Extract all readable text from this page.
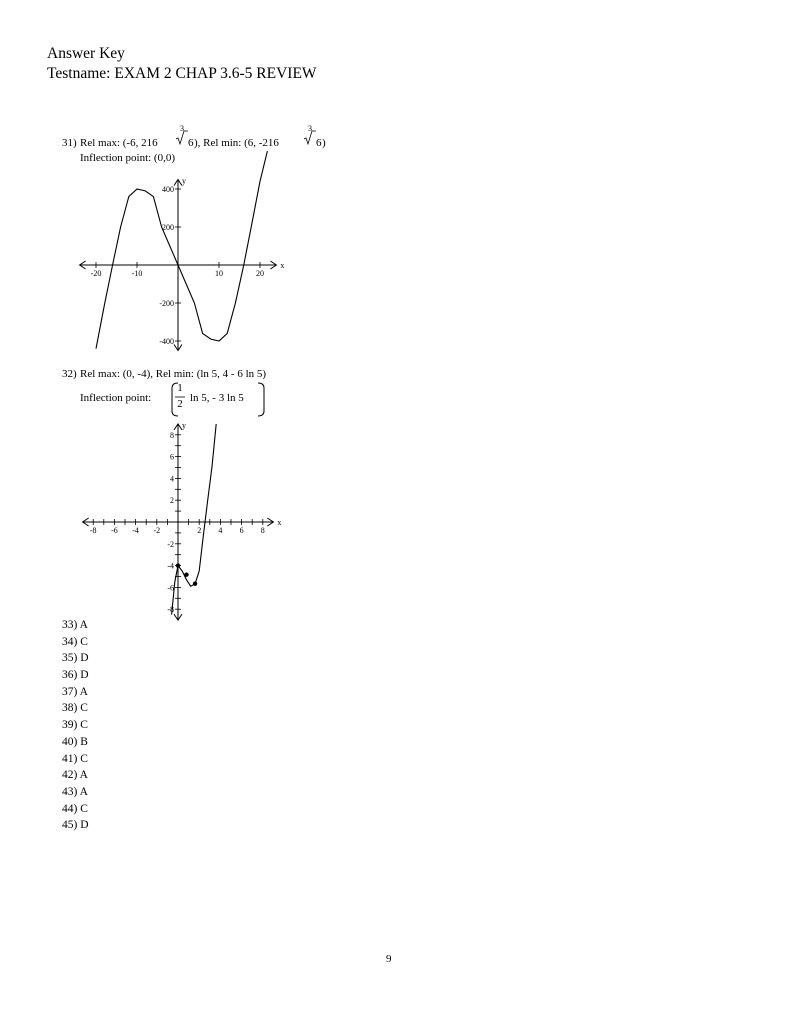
Answer Key
Testname: EXAM 2 CHAP 3.6-5 REVIEW
31) Rel max: (-6, 216
3
6 ), Rel min: (6, -216
3
6 )
Inflection point: (0,0)
-20	-10	10	20
400
200
-200
-400
x
y
32) Rel max: (0, -4), Rel min: (ln 5, 4 - 6 ln 5)
Inflection point:
1
2 ln 5, - 3 ln 5
-8 -6 -4 -2	2 4 6 8
8
6
4
2
-2
-4
-6
-8
x
y
33) A
34) C
35) D
36) D
37) A
38) C
39) C
40) B
41) C
42) A
43) A
44) C
45) D
9
